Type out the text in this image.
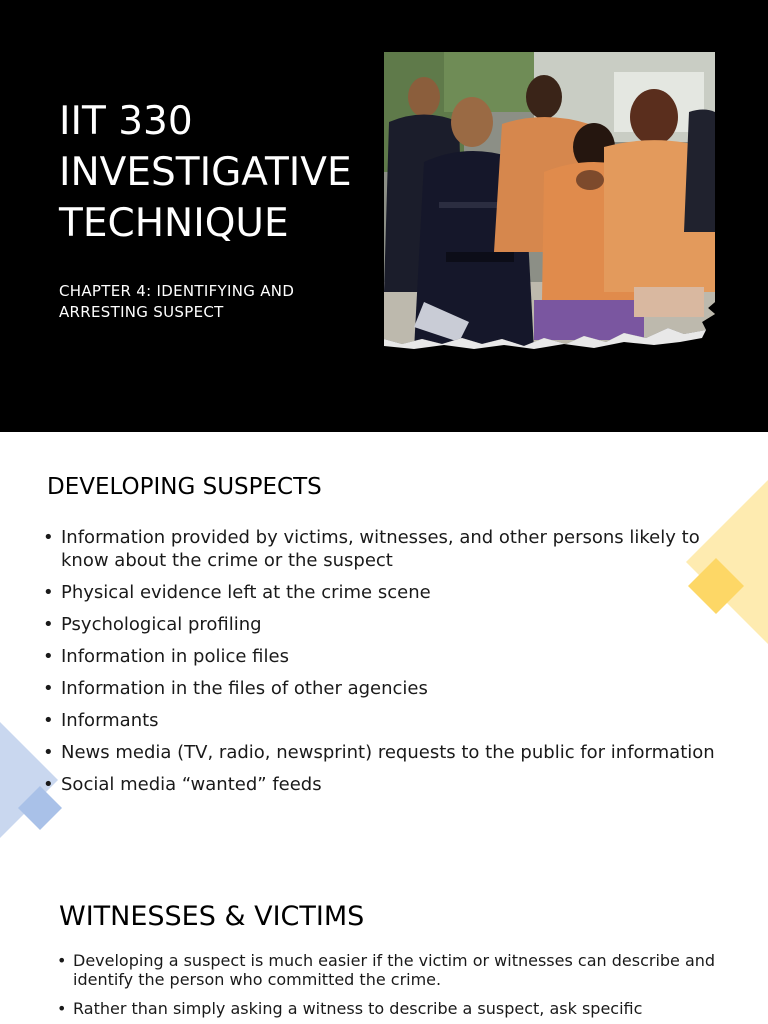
IIT 330
INVESTIGATIVE
TECHNIQUE

CHAPTER 4: IDENTIFYING AND
ARRESTING SUSPECT

DEVELOPING SUSPECTS
• Information provided by victims, witnesses, and other persons likely to know about the crime or the suspect
• Physical evidence left at the crime scene
• Psychological profiling
• Information in police files
• Information in the files of other agencies
• Informants
• News media (TV, radio, newsprint) requests to the public for information
• Social media “wanted” feeds
WITNESSES & VICTIMS
• Developing a suspect is much easier if the victim or witnesses can describe and identify the person who committed the crime.
• Rather than simply asking a witness to describe a suspect, ask specific
